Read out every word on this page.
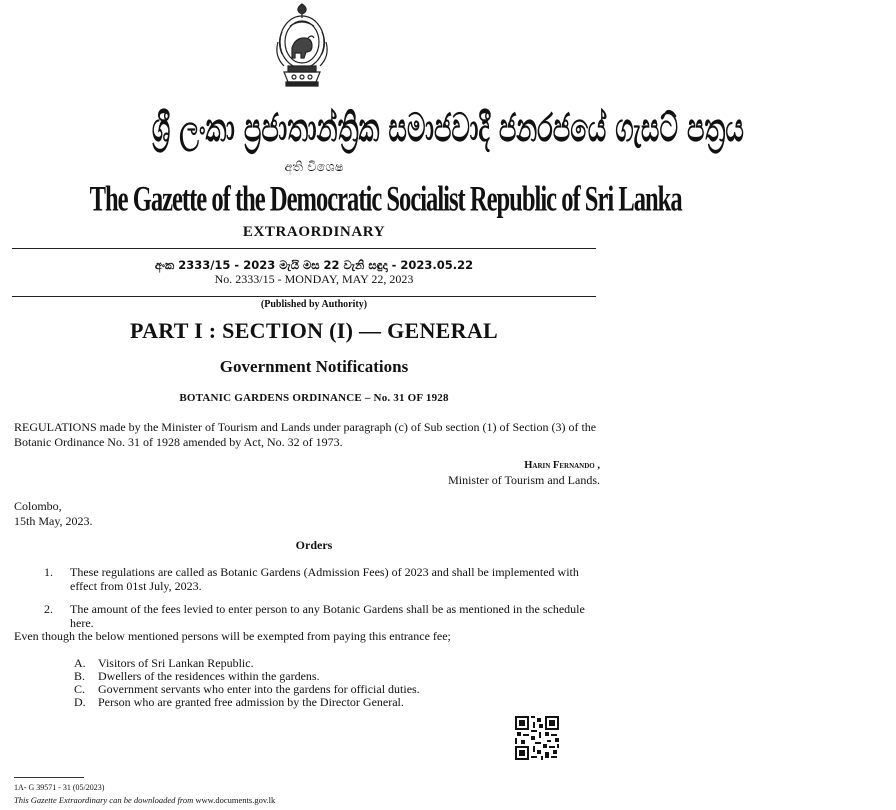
ශ්‍රී ලංකා ප්‍රජාතාන්ත්‍රික සමාජවාදී ජනරජයේ ගැසට් පත්‍රය
අති විශෙෂ
The Gazette of the Democratic Socialist Republic of Sri Lanka
EXTRAORDINARY
අංක 2333/15 - 2023 මැයි මස 22 වැනි සඳුදා - 2023.05.22
No. 2333/15 - MONDAY, MAY 22, 2023
(Published by Authority)
PART I : SECTION (I) — GENERAL
Government Notifications
BOTANIC GARDENS ORDINANCE – No. 31 OF 1928
REGULATIONS made by the Minister of Tourism and Lands under paragraph (c) of Sub section (1) of Section (3) of the Botanic Ordinance No. 31 of 1928 amended by Act, No. 32 of 1973.
Harin Fernando ,
Minister of Tourism and Lands.
Colombo,
15th May, 2023.
Orders
1. These regulations are called as Botanic Gardens (Admission Fees) of 2023 and shall be implemented with effect from 01st July, 2023.
2. The amount of the fees levied to enter person to any Botanic Gardens shall be as mentioned in the schedule here.
Even though the below mentioned persons will be exempted from paying this entrance fee;
A. Visitors of Sri Lankan Republic.
B. Dwellers of the residences within the gardens.
C. Government servants who enter into the gardens for official duties.
D. Person who are granted free admission by the Director General.
1A- G 39571 - 31 (05/2023)
This Gazette Extraordinary can be downloaded from www.documents.gov.lk
